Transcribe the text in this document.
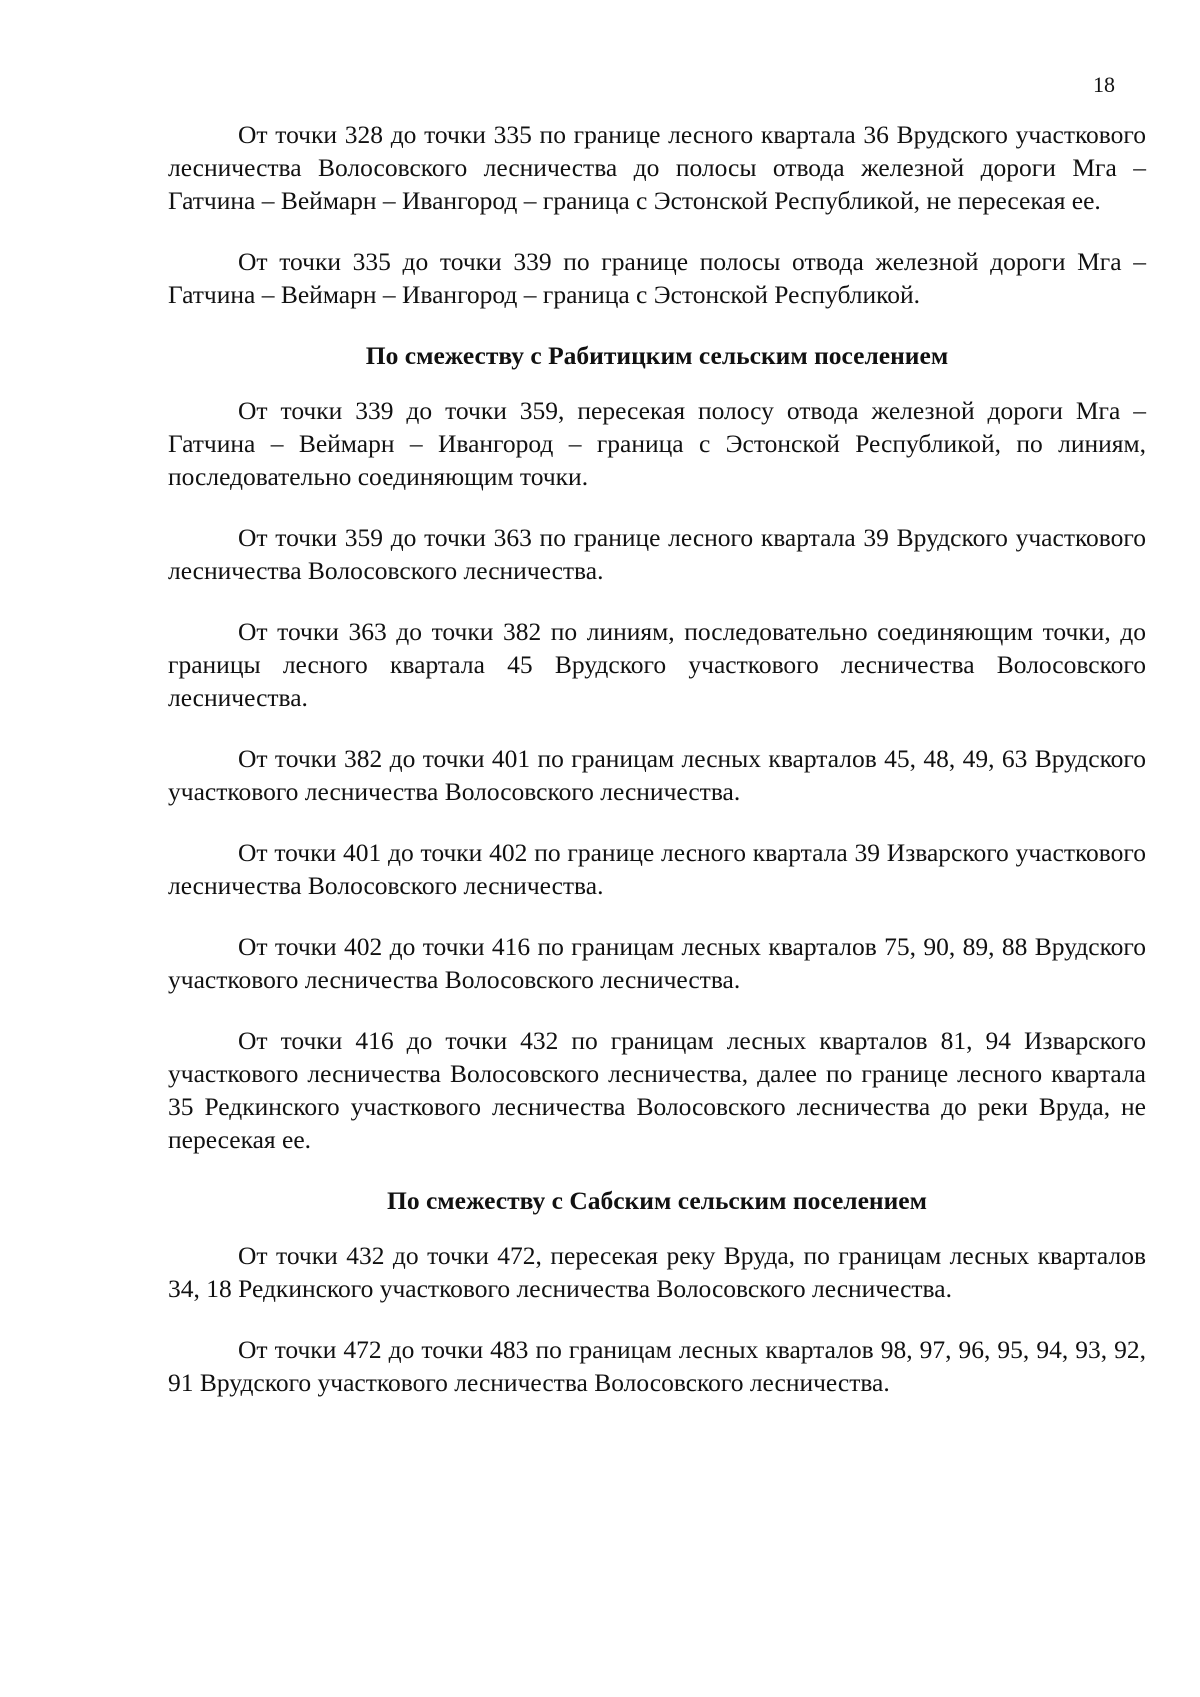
18

От точки 328 до точки 335 по границе лесного квартала 36 Врудского участкового лесничества Волосовского лесничества до полосы отвода железной дороги Мга – Гатчина – Веймарн – Ивангород – граница с Эстонской Республикой, не пересекая ее.

От точки 335 до точки 339 по границе полосы отвода железной дороги Мга – Гатчина – Веймарн – Ивангород – граница с Эстонской Республикой.

По смежеству с Рабитицким сельским поселением

От точки 339 до точки 359, пересекая полосу отвода железной дороги Мга – Гатчина – Веймарн – Ивангород – граница с Эстонской Республикой, по линиям, последовательно соединяющим точки.

От точки 359 до точки 363 по границе лесного квартала 39 Врудского участкового лесничества Волосовского лесничества.

От точки 363 до точки 382 по линиям, последовательно соединяющим точки, до границы лесного квартала 45 Врудского участкового лесничества Волосовского лесничества.

От точки 382 до точки 401 по границам лесных кварталов 45, 48, 49, 63 Врудского участкового лесничества Волосовского лесничества.

От точки 401 до точки 402 по границе лесного квартала 39 Изварского участкового лесничества Волосовского лесничества.

От точки 402 до точки 416 по границам лесных кварталов 75, 90, 89, 88 Врудского участкового лесничества Волосовского лесничества.

От точки 416 до точки 432 по границам лесных кварталов 81, 94 Изварского участкового лесничества Волосовского лесничества, далее по границе лесного квартала 35 Редкинского участкового лесничества Волосовского лесничества до реки Вруда, не пересекая ее.

По смежеству с Сабским сельским поселением

От точки 432 до точки 472, пересекая реку Вруда, по границам лесных кварталов 34, 18 Редкинского участкового лесничества Волосовского лесничества.

От точки 472 до точки 483 по границам лесных кварталов 98, 97, 96, 95, 94, 93, 92, 91 Врудского участкового лесничества Волосовского лесничества.
